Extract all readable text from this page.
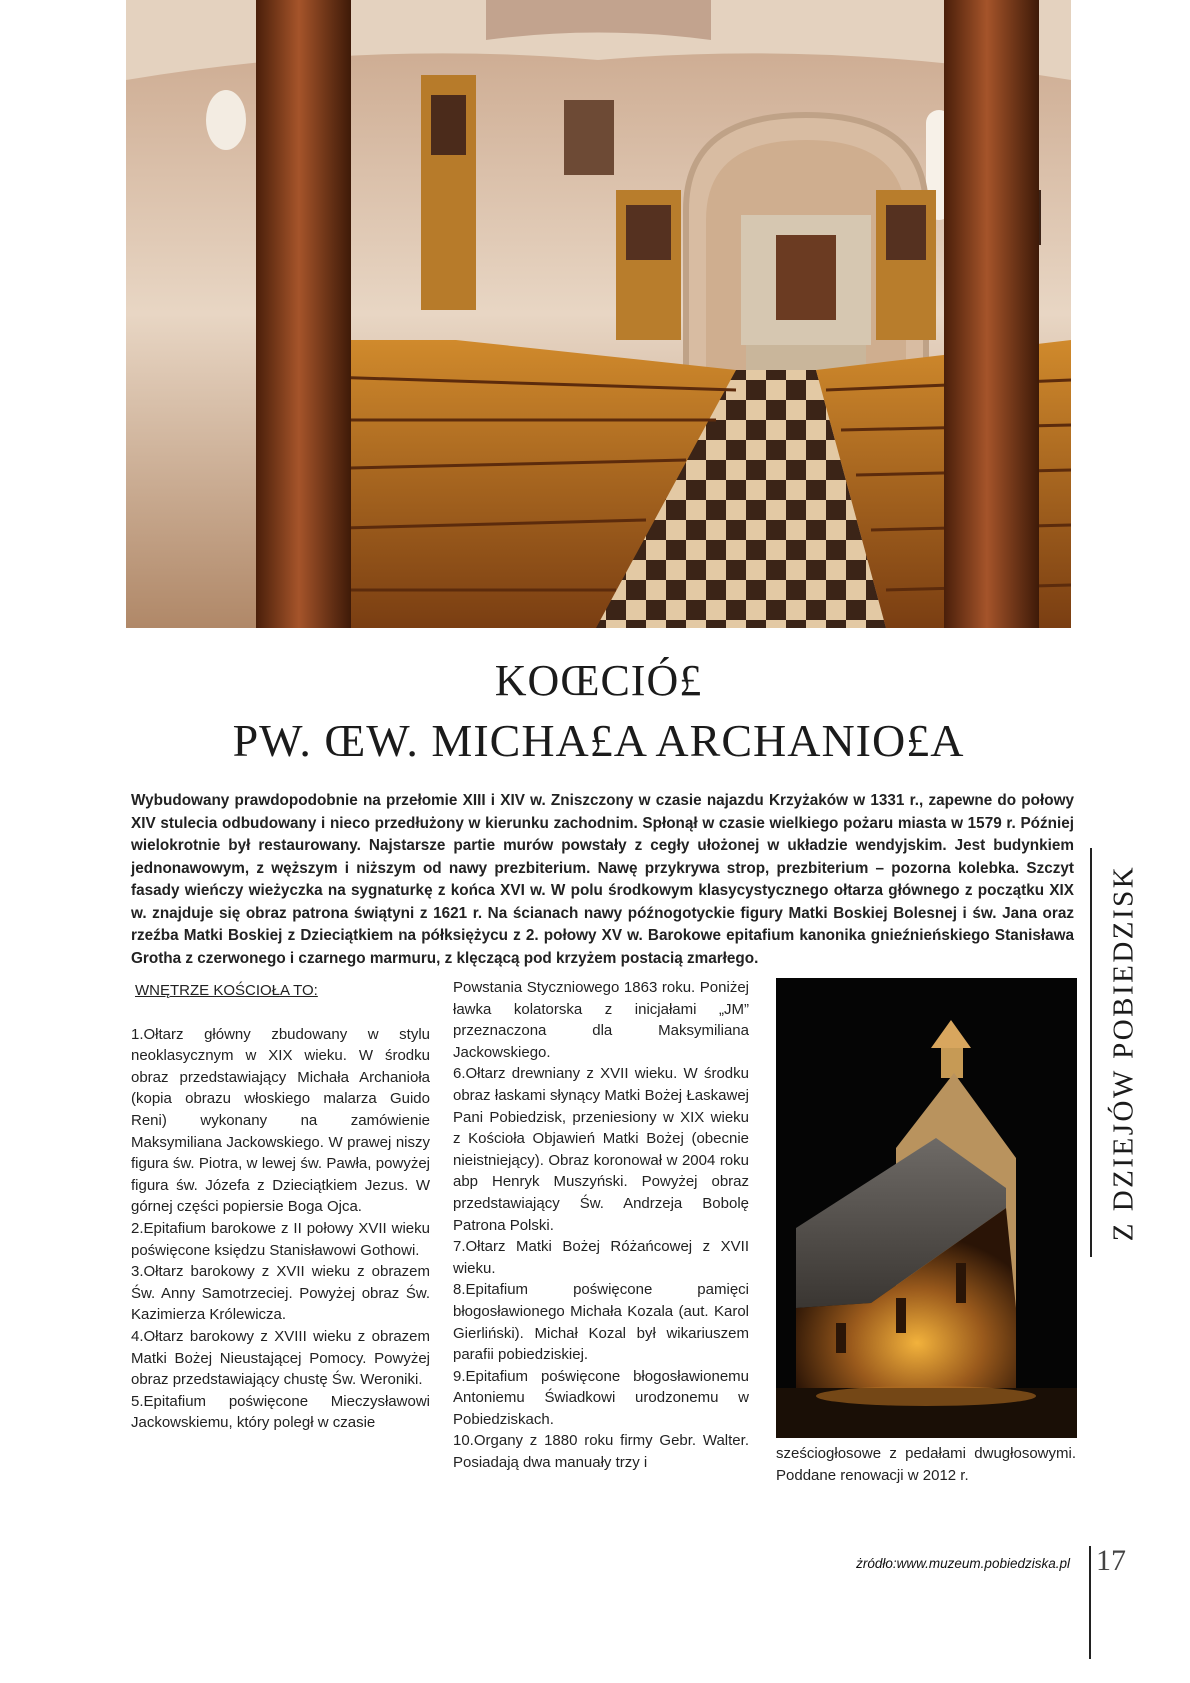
KOŒCIÓ£
PW. ŒW. MICHA£A ARCHANIO£A
Wybudowany prawdopodobnie na przełomie XIII i XIV w. Zniszczony w czasie najazdu Krzyżaków w 1331 r., zapewne do połowy XIV stulecia odbudowany i nieco przedłużony w kierunku zachodnim. Spłonął w czasie wielkiego pożaru miasta w 1579 r. Później wielokrotnie był restaurowany. Najstarsze partie murów powstały z cegły ułożonej w układzie wendyjskim. Jest budynkiem jednonawowym, z węższym i niższym od nawy prezbiterium. Nawę przykrywa strop, prezbiterium – pozorna kolebka. Szczyt fasady wieńczy wieżyczka na sygnaturkę z końca XVI w. W polu środkowym klasycystycznego ołtarza głównego z początku XIX w. znajduje się obraz patrona świątyni z 1621 r. Na ścianach nawy późnogotyckie figury Matki Boskiej Bolesnej i św. Jana oraz rzeźba Matki Boskiej z Dzieciątkiem na półksiężycu z 2. połowy XV w. Barokowe epitafium kanonika gnieźnieńskiego Stanisława Grotha z czerwonego i czarnego marmuru, z klęczącą pod krzyżem postacią zmarłego.
WNĘTRZE KOŚCIOŁA TO:

1.Ołtarz główny zbudowany w stylu neoklasycznym w XIX wieku. W środku obraz przedstawiający Michała Archanioła (kopia obrazu włoskiego malarza Guido Reni) wykonany na zamówienie Maksymiliana Jackowskiego. W prawej niszy figura św. Piotra, w lewej św. Pawła, powyżej figura św. Józefa z Dzieciątkiem Jezus. W górnej części popiersie Boga Ojca.

2.Epitafium barokowe z II połowy XVII wieku poświęcone księdzu Stanisławowi Gothowi.

3.Ołtarz barokowy z XVII wieku z obrazem Św. Anny Samotrzeciej. Powyżej obraz Św. Kazimierza Królewicza.

4.Ołtarz barokowy z XVIII wieku z obrazem Matki Bożej Nieustającej Pomocy. Powyżej obraz przedstawiający chustę Św. Weroniki.

5.Epitafium poświęcone Mieczysławowi Jackowskiemu, który poległ w czasie

Powstania Styczniowego 1863 roku. Poniżej ławka kolatorska z inicjałami „JM” przeznaczona dla Maksymiliana Jackowskiego.

6.Ołtarz drewniany z XVII wieku. W środku obraz łaskami słynący Matki Bożej Łaskawej Pani Pobiedzisk, przeniesiony w XIX wieku z Kościoła Objawień Matki Bożej (obecnie nieistniejący). Obraz koronował w 2004 roku abp Henryk Muszyński. Powyżej obraz przedstawiający Św. Andrzeja Bobolę Patrona Polski.

7.Ołtarz Matki Bożej Różańcowej z XVII wieku.

8.Epitafium poświęcone pamięci błogosławionego Michała Kozala (aut. Karol Gierliński). Michał Kozal był wikariuszem parafii pobiedziskiej.

9.Epitafium poświęcone błogosławionemu Antoniemu Świadkowi urodzonemu w Pobiedziskach.

10.Organy z 1880 roku firmy Gebr. Walter. Posiadają dwa manuały trzy i

sześciogłosowe z pedałami dwugłosowymi. Poddane renowacji w 2012 r.

Z DZIEJÓW POBIEDZISK
żródło:www.muzeum.pobiedziska.pl 17
